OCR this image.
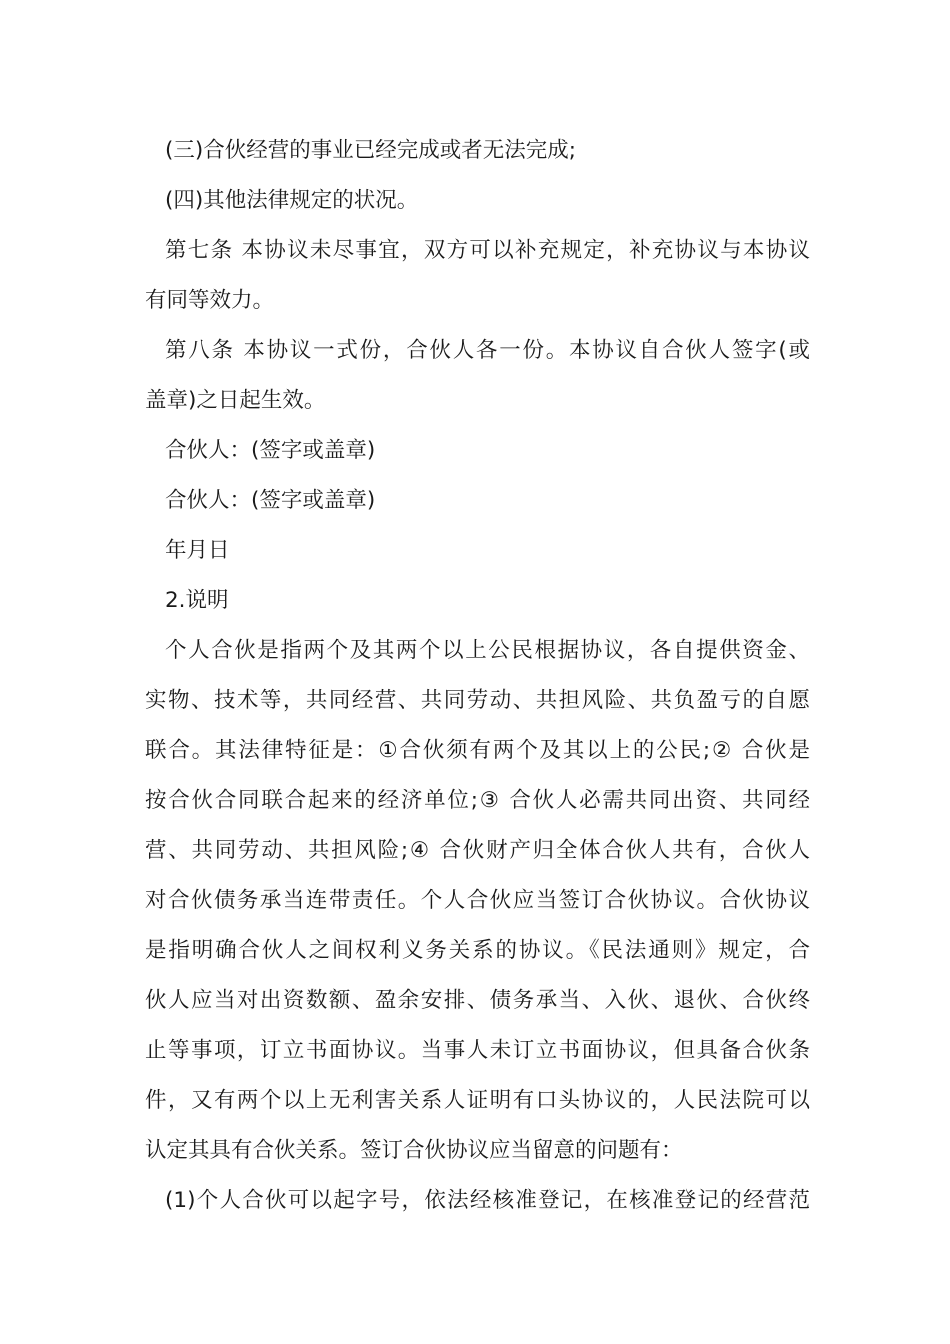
(三)合伙经营的事业已经完成或者无法完成;
(四)其他法律规定的状况。
第七条 本协议未尽事宜，双方可以补充规定，补充协议与本协议
有同等效力。
第八条 本协议一式份，合伙人各一份。本协议自合伙人签字(或
盖章)之日起生效。
合伙人：(签字或盖章)
合伙人：(签字或盖章)
年月日
2.说明
个人合伙是指两个及其两个以上公民根据协议，各自提供资金、
实物、技术等，共同经营、共同劳动、共担风险、共负盈亏的自愿
联合。其法律特征是：①合伙须有两个及其以上的公民;② 合伙是
按合伙合同联合起来的经济单位;③ 合伙人必需共同出资、共同经
营、共同劳动、共担风险;④ 合伙财产归全体合伙人共有，合伙人
对合伙债务承当连带责任。个人合伙应当签订合伙协议。合伙协议
是指明确合伙人之间权利义务关系的协议。《民法通则》规定，合
伙人应当对出资数额、盈余安排、债务承当、入伙、退伙、合伙终
止等事项，订立书面协议。当事人未订立书面协议，但具备合伙条
件，又有两个以上无利害关系人证明有口头协议的，人民法院可以
认定其具有合伙关系。签订合伙协议应当留意的问题有：
(1)个人合伙可以起字号，依法经核准登记，在核准登记的经营范
